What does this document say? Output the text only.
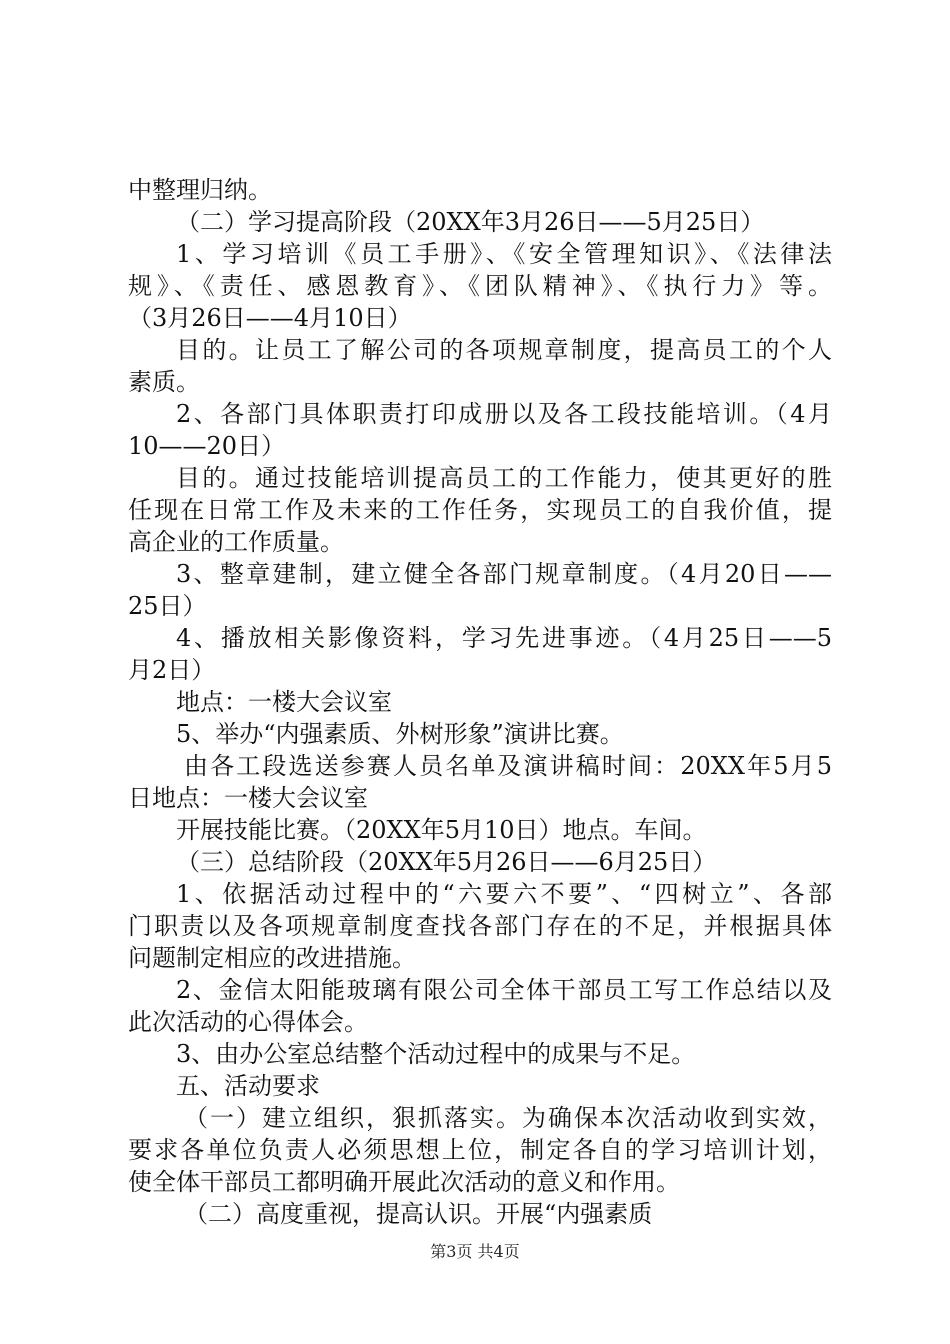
中整理归纳。
（二）学习提高阶段（20XX年3月26日——5月25日）
1、学习培训《员工手册》、《安全管理知识》、《法律法
规》、《责任、感恩教育》、《团队精神》、《执行力》等。
（3月26日——4月10日）
目的。让员工了解公司的各项规章制度，提高员工的个人
素质。
2、各部门具体职责打印成册以及各工段技能培训。（4月
10——20日）
目的。通过技能培训提高员工的工作能力，使其更好的胜
任现在日常工作及未来的工作任务，实现员工的自我价值，提
高企业的工作质量。
3、整章建制，建立健全各部门规章制度。（4月20日——
25日）
4、播放相关影像资料，学习先进事迹。（4月25日——5
月2日）
地点：一楼大会议室
5、举办“内强素质、外树形象”演讲比赛。
由各工段选送参赛人员名单及演讲稿时间：20XX年5月5
日地点：一楼大会议室
开展技能比赛。（20XX年5月10日）地点。车间。
（三）总结阶段（20XX年5月26日——6月25日）
1、依据活动过程中的“六要六不要”、“四树立”、各部
门职责以及各项规章制度查找各部门存在的不足，并根据具体
问题制定相应的改进措施。
2、金信太阳能玻璃有限公司全体干部员工写工作总结以及
此次活动的心得体会。
3、由办公室总结整个活动过程中的成果与不足。
五、活动要求
（一）建立组织，狠抓落实。为确保本次活动收到实效，
要求各单位负责人必须思想上位，制定各自的学习培训计划，
使全体干部员工都明确开展此次活动的意义和作用。
（二）高度重视，提高认识。开展“内强素质
第3页 共4页
